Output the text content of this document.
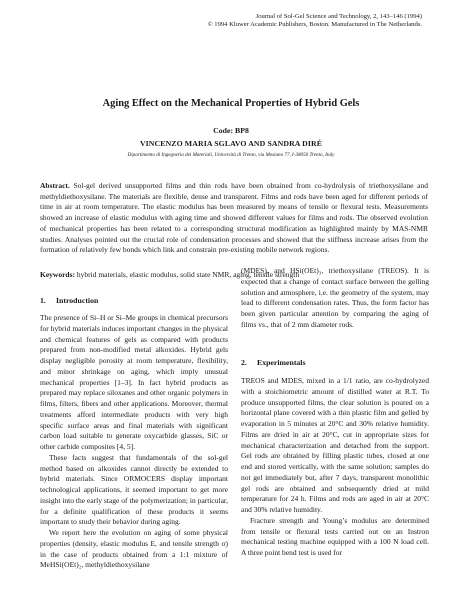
Journal of Sol-Gel Science and Technology, 2, 143–146 (1994)
© 1994 Kluwer Academic Publishers, Boston. Manufactured in The Netherlands.
Aging Effect on the Mechanical Properties of Hybrid Gels
Code: BP8
VINCENZO MARIA SGLAVO AND SANDRA DIRÉ
Dipartimento di Ingegneria dei Materiali, Università di Trento, via Mesiano 77, I-38050 Trento, Italy
Abstract. Sol-gel derived unsupported films and thin rods have been obtained from co-hydrolysis of triethoxysilane and methyldiethoxysilane. The materials are flexible, dense and transparent. Films and rods have been aged for different periods of time in air at room temperature. The elastic modulus has been measured by means of tensile or flexural tests. Measurements showed an increase of elastic modulus with aging time and showed different values for films and rods. The observed evolution of mechanical properties has been related to a corresponding structural modification as highlighted mainly by MAS-NMR studies. Analyses pointed out the crucial role of condensation processes and showed that the stiffness increase arises from the formation of relatively few bonds which link and constrain pre-existing mobile network regions.
Keywords: hybrid materials, elastic modulus, solid state NMR, aging, tensile strength
1. Introduction

The presence of Si–H or Si–Me groups in chemical precursors for hybrid materials induces important changes in the physical and chemical features of gels as compared with products prepared from non-modified metal alkoxides. Hybrid gels display negligible porosity at room temperature, flexibility, and minor shrinkage on aging, which imply unusual mechanical properties [1–3]. In fact hybrid products as prepared may replace siloxanes and other organic polymers in films, filters, fibers and other applications. Moreover, thermal treatments afford intermediate products with very high specific surface areas and final materials with significant carbon load suitable to generate oxycarbide glasses, SiC or other carbide composites [4, 5].

These facts suggest that fundamentals of the sol-gel method based on alkoxides cannot directly be extended to hybrid materials. Since ORMOCERS display important technological applications, it seemed important to get more insight into the early stage of the polymerization; in particular, for a definite qualification of these products it seems important to study their behavior during aging.

We report here the evolution on aging of some physical properties (density, elastic modulus E, and tensile strength σ) in the case of products obtained from a 1:1 mixture of MeHSi(OEt)₂, methyldiethoxysilane

(MDES), and HSi(OEt)₃, triethoxysilane (TREOS). It is expected that a change of contact surface between the gelling solution and atmosphere, i.e. the geometry of the system, may lead to different condensation rates. Thus, the form factor has been given particular attention by comparing the aging of films vs., that of 2 mm diameter rods.

2. Experimentals

TREOS and MDES, mixed in a 1/1 ratio, are co-hydrolyzed with a stoichiometric amount of distilled water at R.T. To produce unsupported films, the clear solution is poured on a horizontal plane covered with a thin plastic film and gelled by evaporation in 5 minutes at 20°C and 30% relative humidity. Films are dried in air at 20°C, cut in appropriate sizes for mechanical characterization and detached from the support. Gel rods are obtained by filling plastic tubes, closed at one end and stored vertically, with the same solution; samples do not gel immediately but, after 7 days, transparent monolithic gel rods are obtained and subsequently dried at mild temperature for 24 h. Films and rods are aged in air at 20°C and 30% relative humidity.

Fracture strength and Young’s modulus are determined from tensile or flexural tests carried out on an Instron mechanical testing machine equipped with a 100 N load cell. A three point bend test is used for
